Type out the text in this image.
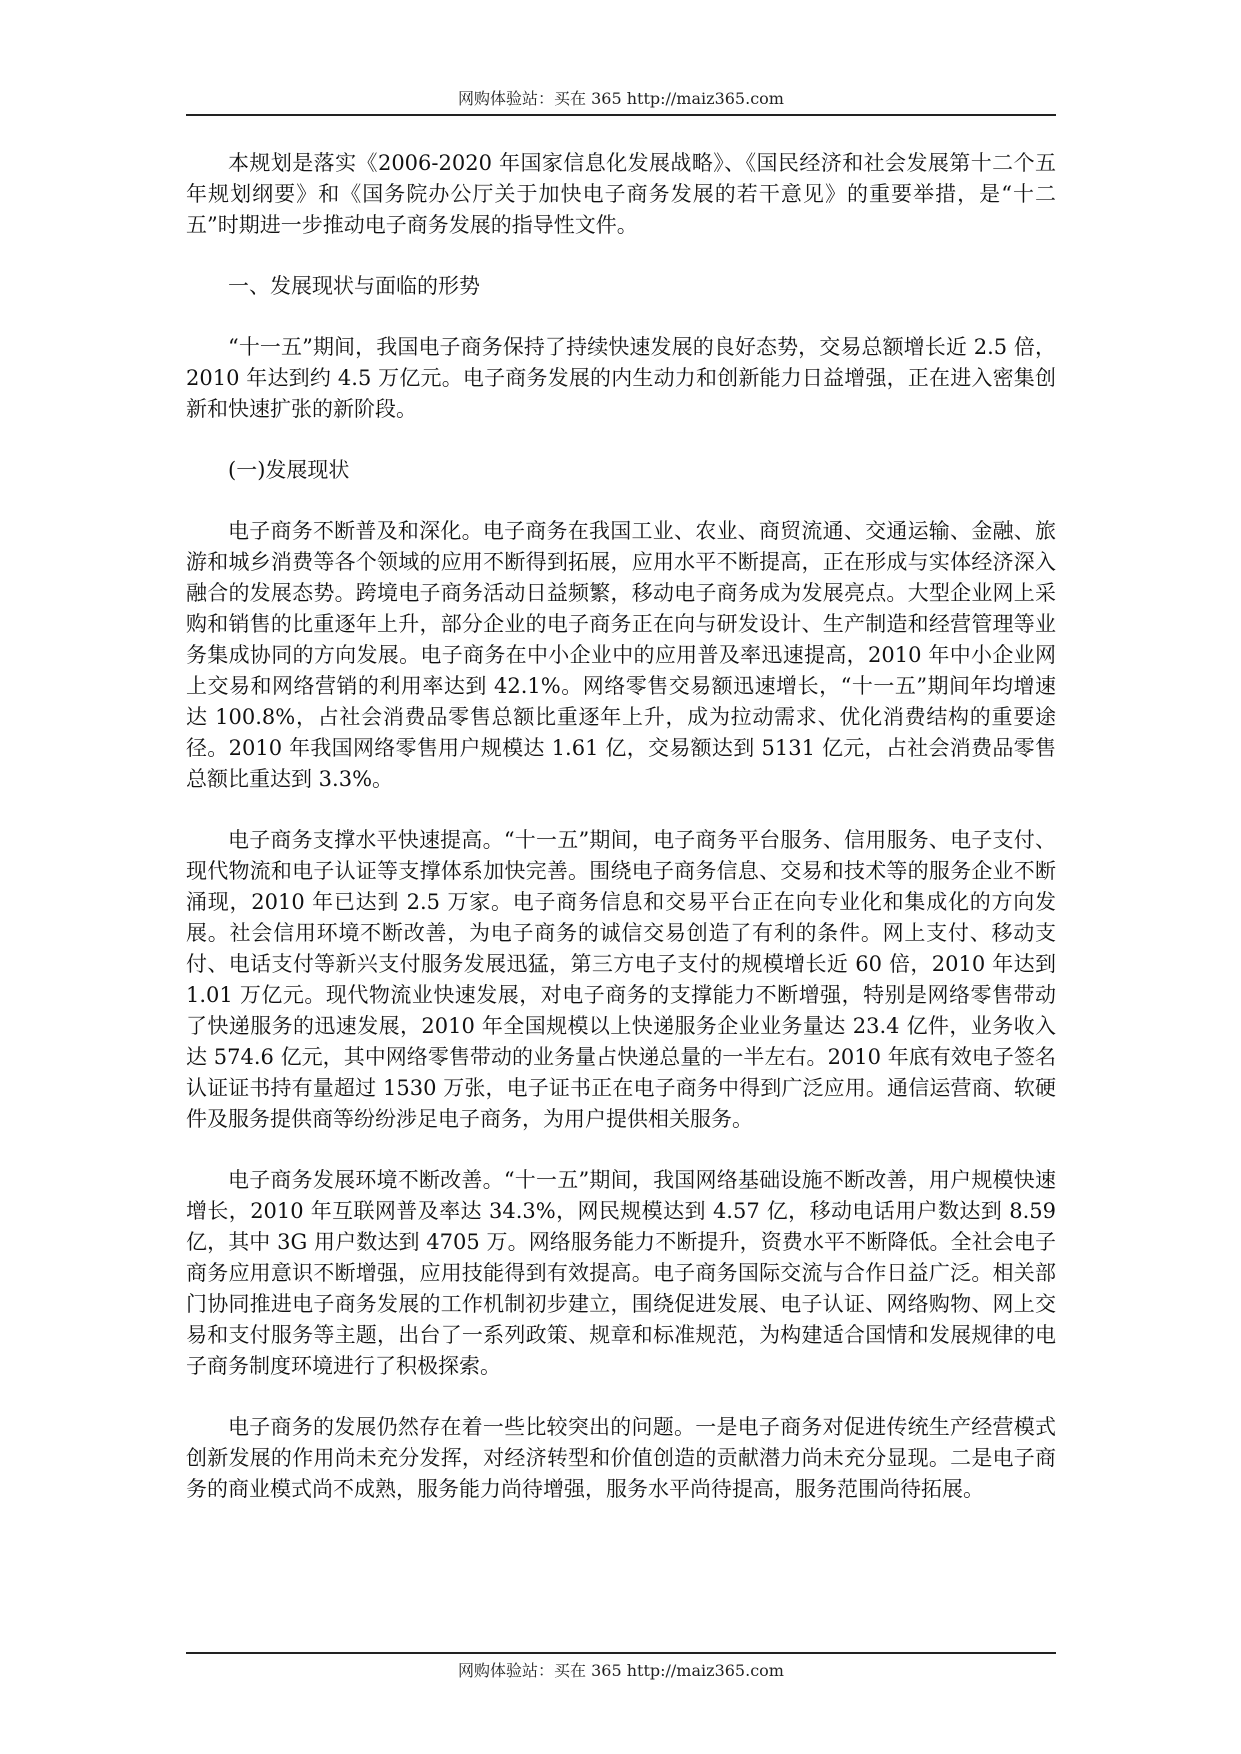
网购体验站：买在 365 http://maiz365.com

本规划是落实《2006-2020 年国家信息化发展战略》、《国民经济和社会发展第十二个五年规划纲要》和《国务院办公厅关于加快电子商务发展的若干意见》的重要举措，是“十二五”时期进一步推动电子商务发展的指导性文件。

一、发展现状与面临的形势

“十一五”期间，我国电子商务保持了持续快速发展的良好态势，交易总额增长近 2.5 倍，2010 年达到约 4.5 万亿元。电子商务发展的内生动力和创新能力日益增强，正在进入密集创新和快速扩张的新阶段。

(一)发展现状

电子商务不断普及和深化。电子商务在我国工业、农业、商贸流通、交通运输、金融、旅游和城乡消费等各个领域的应用不断得到拓展，应用水平不断提高，正在形成与实体经济深入融合的发展态势。跨境电子商务活动日益频繁，移动电子商务成为发展亮点。大型企业网上采购和销售的比重逐年上升，部分企业的电子商务正在向与研发设计、生产制造和经营管理等业务集成协同的方向发展。电子商务在中小企业中的应用普及率迅速提高，2010 年中小企业网上交易和网络营销的利用率达到 42.1%。网络零售交易额迅速增长，“十一五”期间年均增速达 100.8%，占社会消费品零售总额比重逐年上升，成为拉动需求、优化消费结构的重要途径。2010 年我国网络零售用户规模达 1.61 亿，交易额达到 5131 亿元，占社会消费品零售总额比重达到 3.3%。

电子商务支撑水平快速提高。“十一五”期间，电子商务平台服务、信用服务、电子支付、现代物流和电子认证等支撑体系加快完善。围绕电子商务信息、交易和技术等的服务企业不断涌现，2010 年已达到 2.5 万家。电子商务信息和交易平台正在向专业化和集成化的方向发展。社会信用环境不断改善，为电子商务的诚信交易创造了有利的条件。网上支付、移动支付、电话支付等新兴支付服务发展迅猛，第三方电子支付的规模增长近 60 倍，2010 年达到 1.01 万亿元。现代物流业快速发展，对电子商务的支撑能力不断增强，特别是网络零售带动了快递服务的迅速发展，2010 年全国规模以上快递服务企业业务量达 23.4 亿件，业务收入达 574.6 亿元，其中网络零售带动的业务量占快递总量的一半左右。2010 年底有效电子签名认证证书持有量超过 1530 万张，电子证书正在电子商务中得到广泛应用。通信运营商、软硬件及服务提供商等纷纷涉足电子商务，为用户提供相关服务。

电子商务发展环境不断改善。“十一五”期间，我国网络基础设施不断改善，用户规模快速增长，2010 年互联网普及率达 34.3%，网民规模达到 4.57 亿，移动电话用户数达到 8.59 亿，其中 3G 用户数达到 4705 万。网络服务能力不断提升，资费水平不断降低。全社会电子商务应用意识不断增强，应用技能得到有效提高。电子商务国际交流与合作日益广泛。相关部门协同推进电子商务发展的工作机制初步建立，围绕促进发展、电子认证、网络购物、网上交易和支付服务等主题，出台了一系列政策、规章和标准规范，为构建适合国情和发展规律的电子商务制度环境进行了积极探索。

电子商务的发展仍然存在着一些比较突出的问题。一是电子商务对促进传统生产经营模式创新发展的作用尚未充分发挥，对经济转型和价值创造的贡献潜力尚未充分显现。二是电子商务的商业模式尚不成熟，服务能力尚待增强，服务水平尚待提高，服务范围尚待拓展。

网购体验站：买在 365 http://maiz365.com
